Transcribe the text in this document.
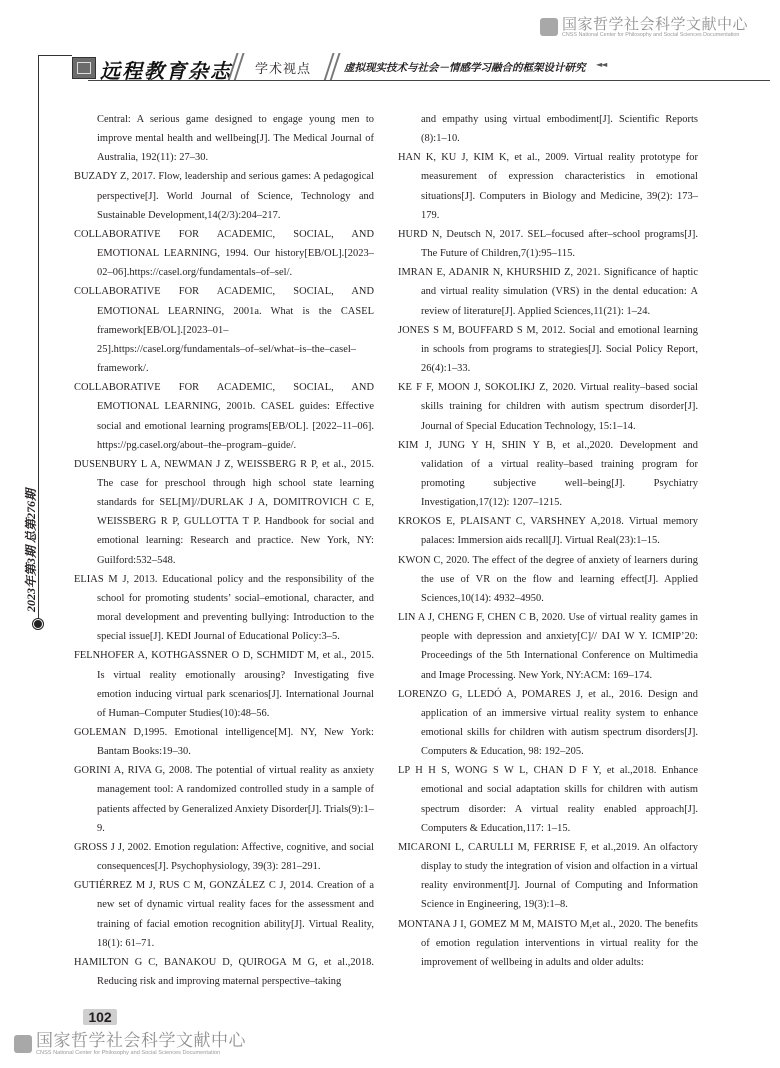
国家哲学社会科学文献中心
CNSS National Center for Philosophy and Social Sciences Documentation
远程教育杂志 学术视点	虚拟现实技术与社会－情感学习融合的框架设计研究 ◄◄
2023年第3期 总第276期

Central: A serious game designed to engage young men to improve mental health and wellbeing[J]. The Medical Journal of Australia, 192(11): 27–30.

BUZADY Z, 2017. Flow, leadership and serious games: A pedagogical perspective[J]. World Journal of Science, Technology and Sustainable Development,14(2/3):204–217.

COLLABORATIVE FOR ACADEMIC, SOCIAL, AND EMOTIONAL LEARNING, 1994. Our history[EB/OL].[2023–02–06].https://casel.org/fundamentals–of–sel/.

COLLABORATIVE FOR ACADEMIC, SOCIAL, AND EMOTIONAL LEARNING, 2001a. What is the CASEL framework[EB/OL].[2023–01–25].https://casel.org/fundamentals–of–sel/what–is–the–casel–framework/.

COLLABORATIVE FOR ACADEMIC, SOCIAL, AND EMOTIONAL LEARNING, 2001b. CASEL guides: Effective social and emotional learning programs[EB/OL]. [2022–11–06]. https://pg.casel.org/about–the–program–guide/.

DUSENBURY L A, NEWMAN J Z, WEISSBERG R P, et al., 2015. The case for preschool through high school state learning standards for SEL[M]//DURLAK J A, DOMITROVICH C E, WEISSBERG R P, GULLOTTA T P. Handbook for social and emotional learning: Research and practice. New York, NY: Guilford:532–548.

ELIAS M J, 2013. Educational policy and the responsibility of the school for promoting students’ social–emotional, character, and moral development and preventing bullying: Introduction to the special issue[J]. KEDI Journal of Educational Policy:3–5.

FELNHOFER A, KOTHGASSNER O D, SCHMIDT M, et al., 2015. Is virtual reality emotionally arousing? Investigating five emotion inducing virtual park scenarios[J]. International Journal of Human–Computer Studies(10):48–56.

GOLEMAN D,1995. Emotional intelligence[M]. NY, New York: Bantam Books:19–30.

GORINI A, RIVA G, 2008. The potential of virtual reality as anxiety management tool: A randomized controlled study in a sample of patients affected by Generalized Anxiety Disorder[J]. Trials(9):1–9.

GROSS J J, 2002. Emotion regulation: Affective, cognitive, and social consequences[J]. Psychophysiology, 39(3): 281–291.

GUTIÉRREZ M J, RUS C M, GONZÁLEZ C J, 2014. Creation of a new set of dynamic virtual reality faces for the assessment and training of facial emotion recognition ability[J]. Virtual Reality, 18(1): 61–71.

HAMILTON G C, BANAKOU D, QUIROGA M G, et al.,2018. Reducing risk and improving maternal perspective–taking

and empathy using virtual embodiment[J]. Scientific Reports (8):1–10.

HAN K, KU J, KIM K, et al., 2009. Virtual reality prototype for measurement of expression characteristics in emotional situations[J]. Computers in Biology and Medicine, 39(2): 173–179.

HURD N, Deutsch N, 2017. SEL–focused after–school programs[J]. The Future of Children,7(1):95–115.

IMRAN E, ADANIR N, KHURSHID Z, 2021. Significance of haptic and virtual reality simulation (VRS) in the dental education: A review of literature[J]. Applied Sciences,11(21): 1–24.

JONES S M, BOUFFARD S M, 2012. Social and emotional learning in schools from programs to strategies[J]. Social Policy Report, 26(4):1–33.

KE F F, MOON J, SOKOLIKJ Z, 2020. Virtual reality–based social skills training for children with autism spectrum disorder[J]. Journal of Special Education Technology, 15:1–14.

KIM J, JUNG Y H, SHIN Y B, et al.,2020. Development and validation of a virtual reality–based training program for promoting subjective well–being[J]. Psychiatry Investigation,17(12): 1207–1215.

KROKOS E, PLAISANT C, VARSHNEY A,2018. Virtual memory palaces: Immersion aids recall[J]. Virtual Real(23):1–15.

KWON C, 2020. The effect of the degree of anxiety of learners during the use of VR on the flow and learning effect[J]. Applied Sciences,10(14): 4932–4950.

LIN A J, CHENG F, CHEN C B, 2020. Use of virtual reality games in people with depression and anxiety[C]// DAI W Y. ICMIP’20: Proceedings of the 5th International Conference on Multimedia and Image Processing. New York, NY:ACM: 169–174.

LORENZO G, LLEDÓ A, POMARES J, et al., 2016. Design and application of an immersive virtual reality system to enhance emotional skills for children with autism spectrum disorders[J]. Computers & Education, 98: 192–205.

LP H H S, WONG S W L, CHAN D F Y, et al.,2018. Enhance emotional and social adaptation skills for children with autism spectrum disorder: A virtual reality enabled approach[J]. Computers & Education,117: 1–15.

MICARONI L, CARULLI M, FERRISE F, et al.,2019. An olfactory display to study the integration of vision and olfaction in a virtual reality environment[J]. Journal of Computing and Information Science in Engineering, 19(3):1–8.

MONTANA J I, GOMEZ M M, MAISTO M,et al., 2020. The benefits of emotion regulation interventions in virtual reality for the improvement of wellbeing in adults and older adults:

102
国家哲学社会科学文献中心
CNSS National Center for Philosophy and Social Sciences Documentation
